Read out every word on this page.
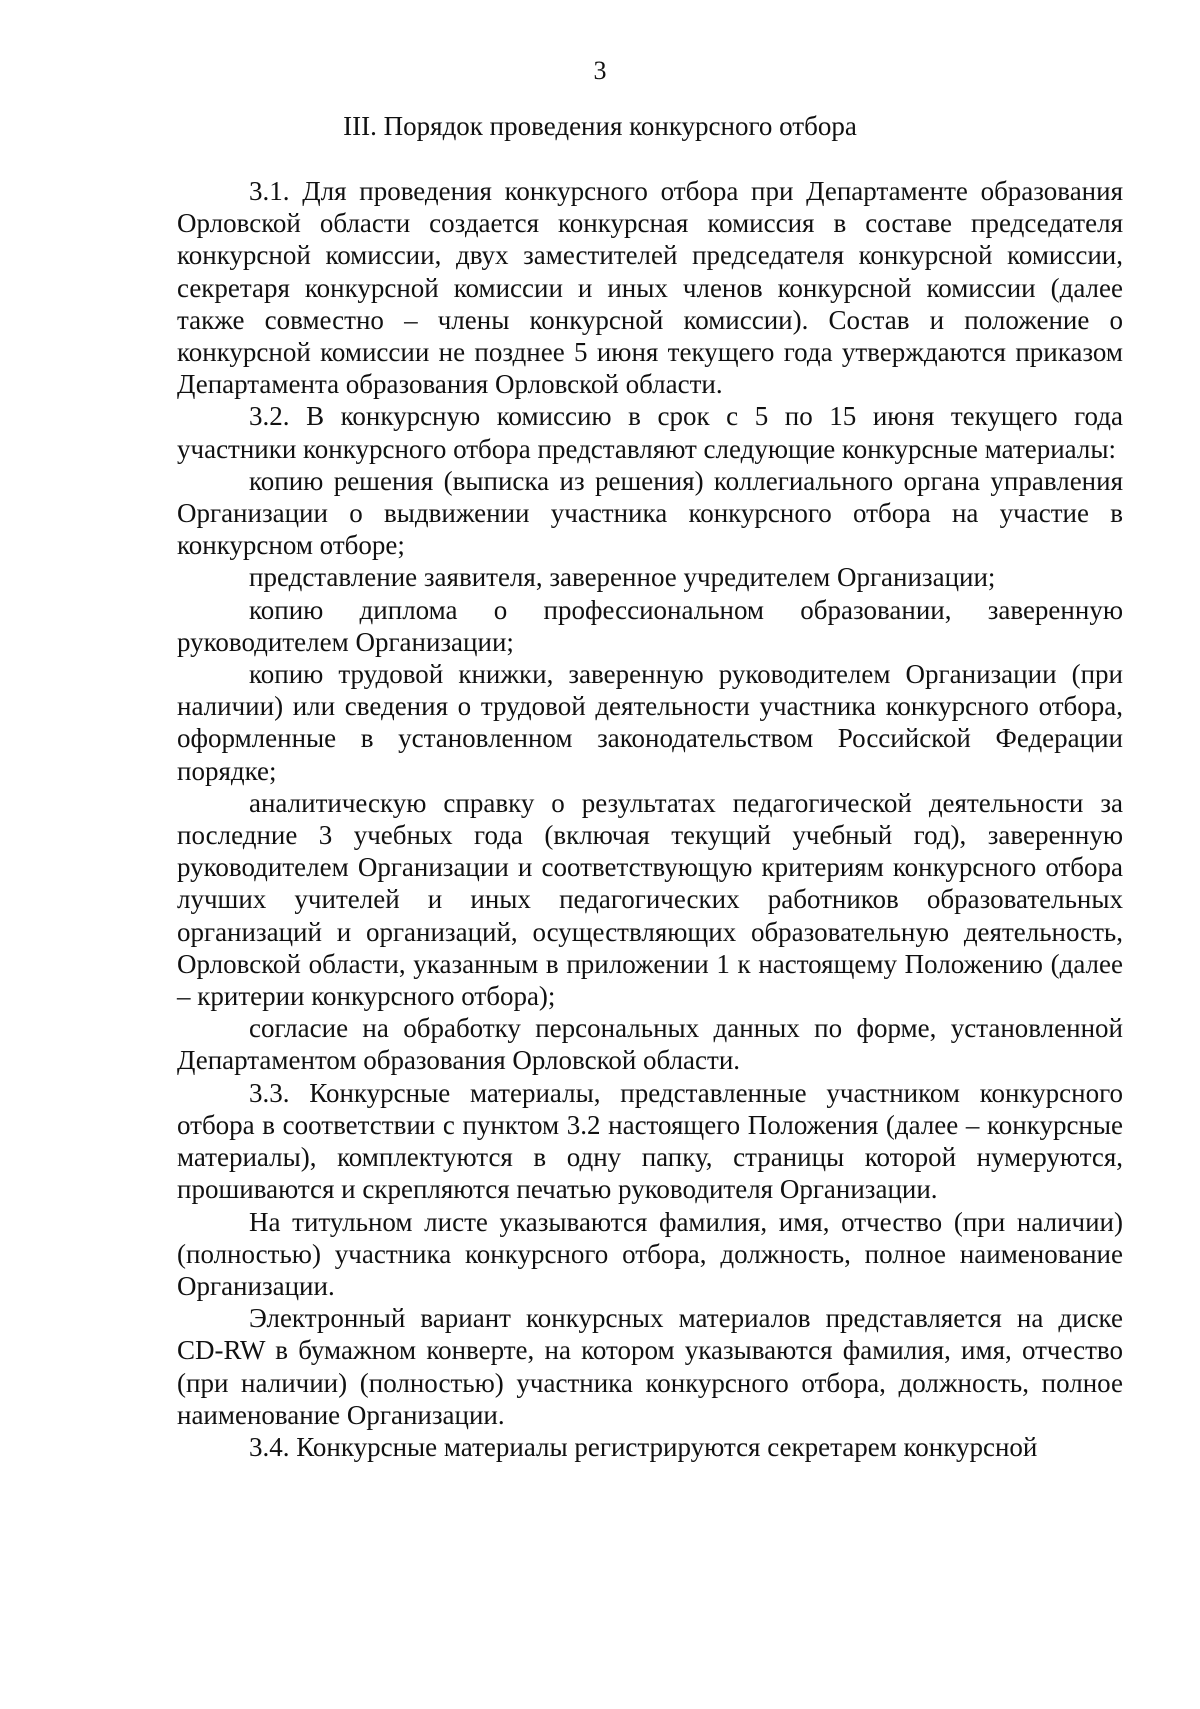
3
III. Порядок проведения конкурсного отбора

3.1. Для проведения конкурсного отбора при Департаменте образования Орловской области создается конкурсная комиссия в составе председателя конкурсной комиссии, двух заместителей председателя конкурсной комиссии, секретаря конкурсной комиссии и иных членов конкурсной комиссии (далее также совместно – члены конкурсной комиссии). Состав и положение о конкурсной комиссии не позднее 5 июня текущего года утверждаются приказом Департамента образования Орловской области.

3.2. В конкурсную комиссию в срок с 5 по 15 июня текущего года участники конкурсного отбора представляют следующие конкурсные материалы:

копию решения (выписка из решения) коллегиального органа управления Организации о выдвижении участника конкурсного отбора на участие в конкурсном отборе;

представление заявителя, заверенное учредителем Организации;

копию диплома о профессиональном образовании, заверенную руководителем Организации;

копию трудовой книжки, заверенную руководителем Организации (при наличии) или сведения о трудовой деятельности участника конкурсного отбора, оформленные в установленном законодательством Российской Федерации порядке;

аналитическую справку о результатах педагогической деятельности за последние 3 учебных года (включая текущий учебный год), заверенную руководителем Организации и соответствующую критериям конкурсного отбора лучших учителей и иных педагогических работников образовательных организаций и организаций, осуществляющих образовательную деятельность, Орловской области, указанным в приложении 1 к настоящему Положению (далее – критерии конкурсного отбора);

согласие на обработку персональных данных по форме, установленной Департаментом образования Орловской области.

3.3. Конкурсные материалы, представленные участником конкурсного отбора в соответствии с пунктом 3.2 настоящего Положения (далее – конкурсные материалы), комплектуются в одну папку, страницы которой нумеруются, прошиваются и скрепляются печатью руководителя Организации.

На титульном листе указываются фамилия, имя, отчество (при наличии) (полностью) участника конкурсного отбора, должность, полное наименование Организации.

Электронный вариант конкурсных материалов представляется на диске CD-RW в бумажном конверте, на котором указываются фамилия, имя, отчество (при наличии) (полностью) участника конкурсного отбора, должность, полное наименование Организации.

3.4. Конкурсные материалы регистрируются секретарем конкурсной
